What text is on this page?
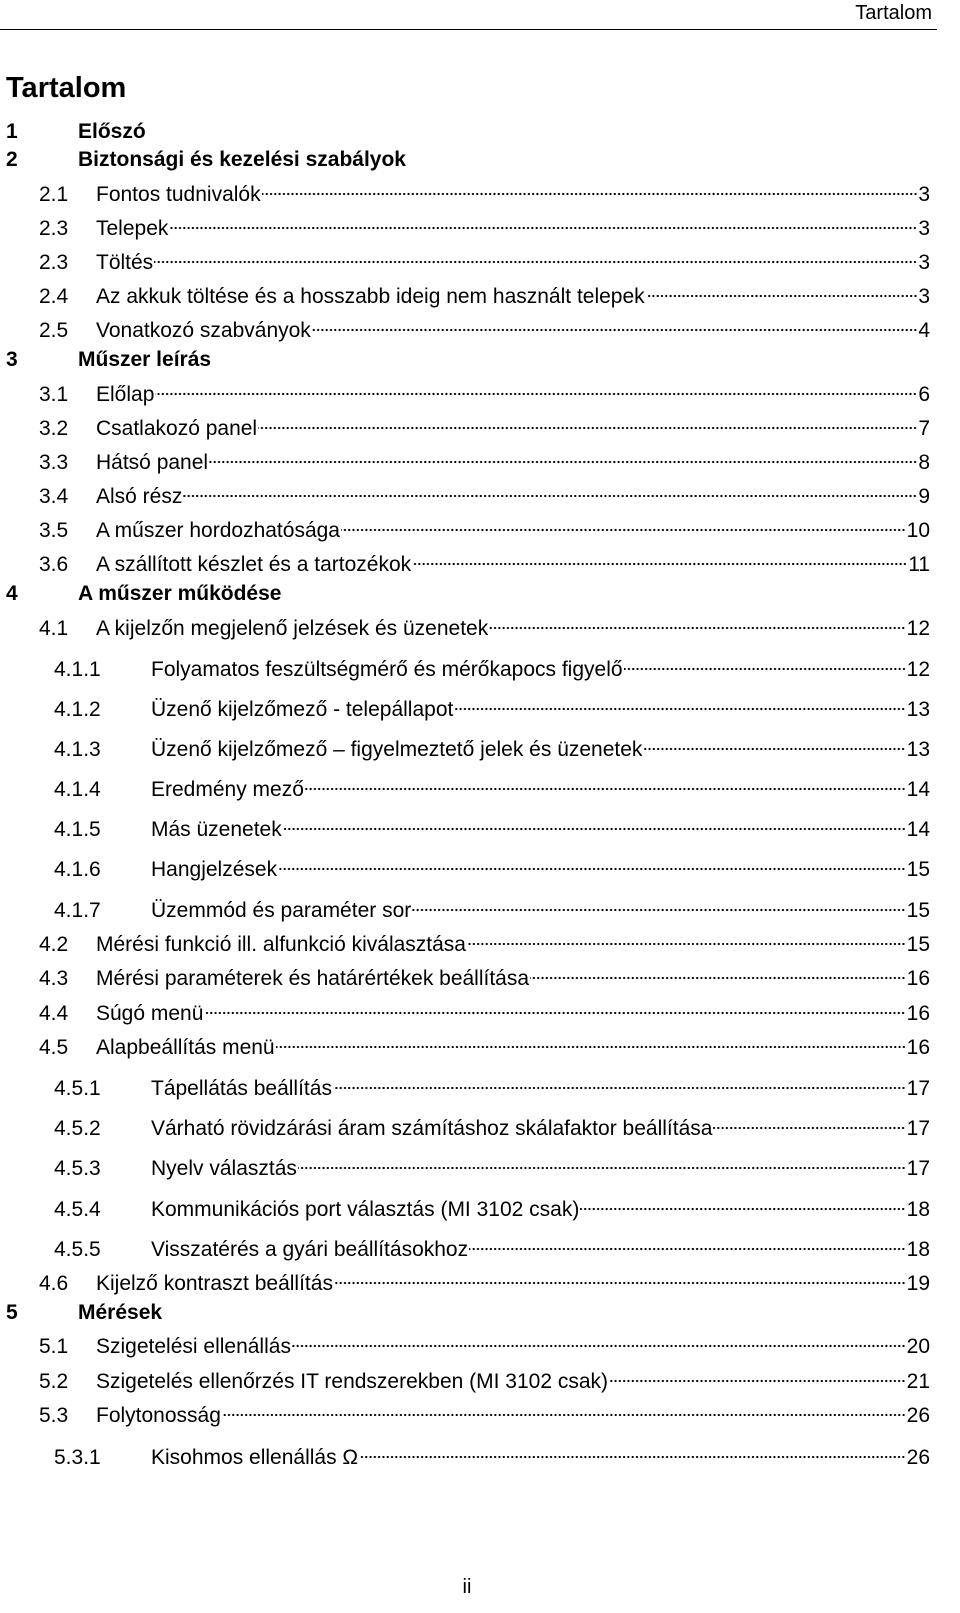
Tartalom
Tartalom
1	Előszó
2	Biztonsági és kezelési szabályok
2.1	Fontos tudnivalók	3
2.3	Telepek	3
2.3	Töltés	3
2.4	Az akkuk töltése és a hosszabb ideig nem használt telepek	3
2.5	Vonatkozó szabványok	4
3	Műszer leírás
3.1	Előlap	6
3.2	Csatlakozó panel	7
3.3	Hátsó panel	8
3.4	Alsó rész	9
3.5	A műszer hordozhatósága	10
3.6	A szállított készlet és a tartozékok	11
4	A műszer működése
4.1	A kijelzőn megjelenő jelzések és üzenetek	12
4.1.1	Folyamatos feszültségmérő és mérőkapocs figyelő	12
4.1.2	Üzenő kijelzőmező - telepállapot	13
4.1.3	Üzenő kijelzőmező – figyelmeztető jelek és üzenetek	13
4.1.4	Eredmény mező	14
4.1.5	Más üzenetek	14
4.1.6	Hangjelzések	15
4.1.7	Üzemmód és paraméter sor	15
4.2	Mérési funkció ill. alfunkció kiválasztása	15
4.3	Mérési paraméterek és határértékek beállítása	16
4.4	Súgó menü	16
4.5	Alapbeállítás menü	16
4.5.1	Tápellátás beállítás	17
4.5.2	Várható rövidzárási áram számításhoz skálafaktor beállítása	17
4.5.3	Nyelv választás	17
4.5.4	Kommunikációs port választás (MI 3102 csak)	18
4.5.5	Visszatérés a gyári beállításokhoz	18
4.6	Kijelző kontraszt beállítás	19
5	Mérések
5.1	Szigetelési ellenállás	20
5.2	Szigetelés ellenőrzés IT rendszerekben (MI 3102 csak)	21
5.3	Folytonosság	26
5.3.1	Kisohmos ellenállás Ω	26
ii
